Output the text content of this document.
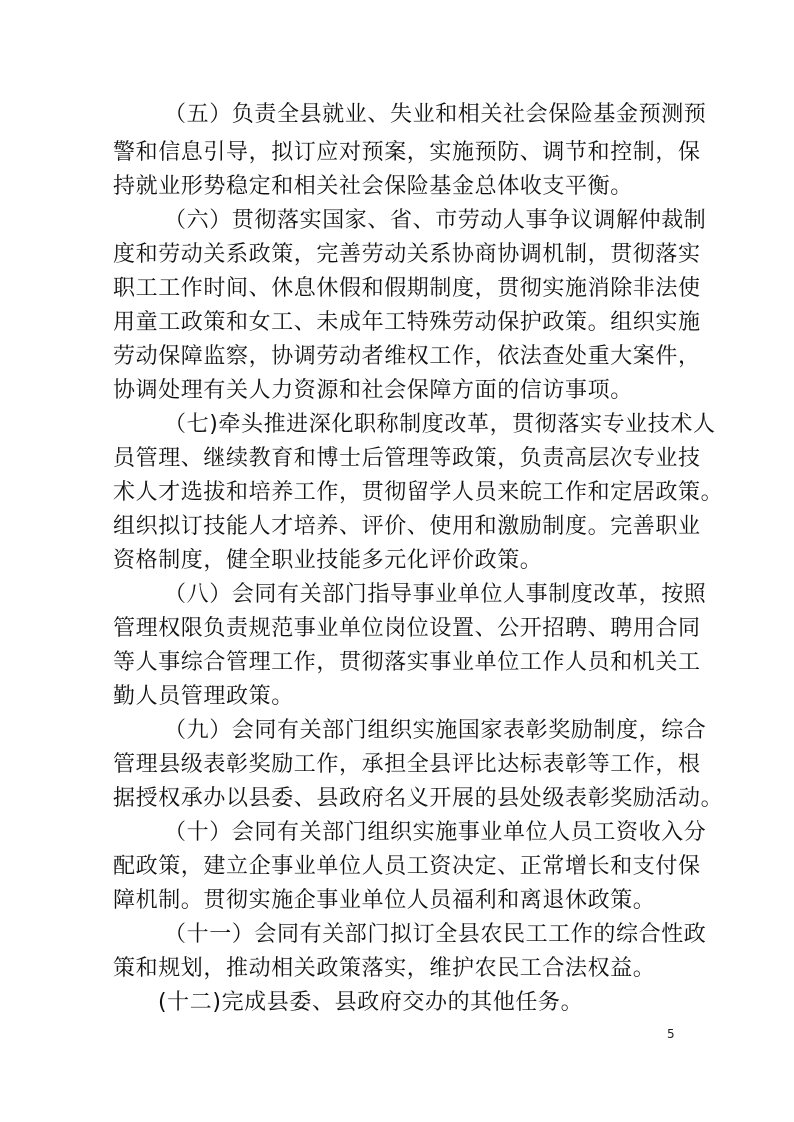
（五）负责全县就业、失业和相关社会保险基金预测预
警和信息引导，拟订应对预案，实施预防、调节和控制，保
持就业形势稳定和相关社会保险基金总体收支平衡。
（六）贯彻落实国家、省、市劳动人事争议调解仲裁制
度和劳动关系政策，完善劳动关系协商协调机制，贯彻落实
职工工作时间、休息休假和假期制度，贯彻实施消除非法使
用童工政策和女工、未成年工特殊劳动保护政策。组织实施
劳动保障监察，协调劳动者维权工作，依法查处重大案件，
协调处理有关人力资源和社会保障方面的信访事项。
（七)牵头推进深化职称制度改革，贯彻落实专业技术人
员管理、继续教育和博士后管理等政策，负责高层次专业技
术人才选拔和培养工作，贯彻留学人员来皖工作和定居政策。
组织拟订技能人才培养、评价、使用和激励制度。完善职业
资格制度，健全职业技能多元化评价政策。
（八）会同有关部门指导事业单位人事制度改革，按照
管理权限负责规范事业单位岗位设置、公开招聘、聘用合同
等人事综合管理工作，贯彻落实事业单位工作人员和机关工
勤人员管理政策。
（九）会同有关部门组织实施国家表彰奖励制度，综合
管理县级表彰奖励工作，承担全县评比达标表彰等工作，根
据授权承办以县委、县政府名义开展的县处级表彰奖励活动。
（十）会同有关部门组织实施事业单位人员工资收入分
配政策，建立企事业单位人员工资决定、正常增长和支付保
障机制。贯彻实施企事业单位人员福利和离退休政策。
（十一）会同有关部门拟订全县农民工工作的综合性政
策和规划，推动相关政策落实，维护农民工合法权益。
(十二)完成县委、县政府交办的其他任务。
5
